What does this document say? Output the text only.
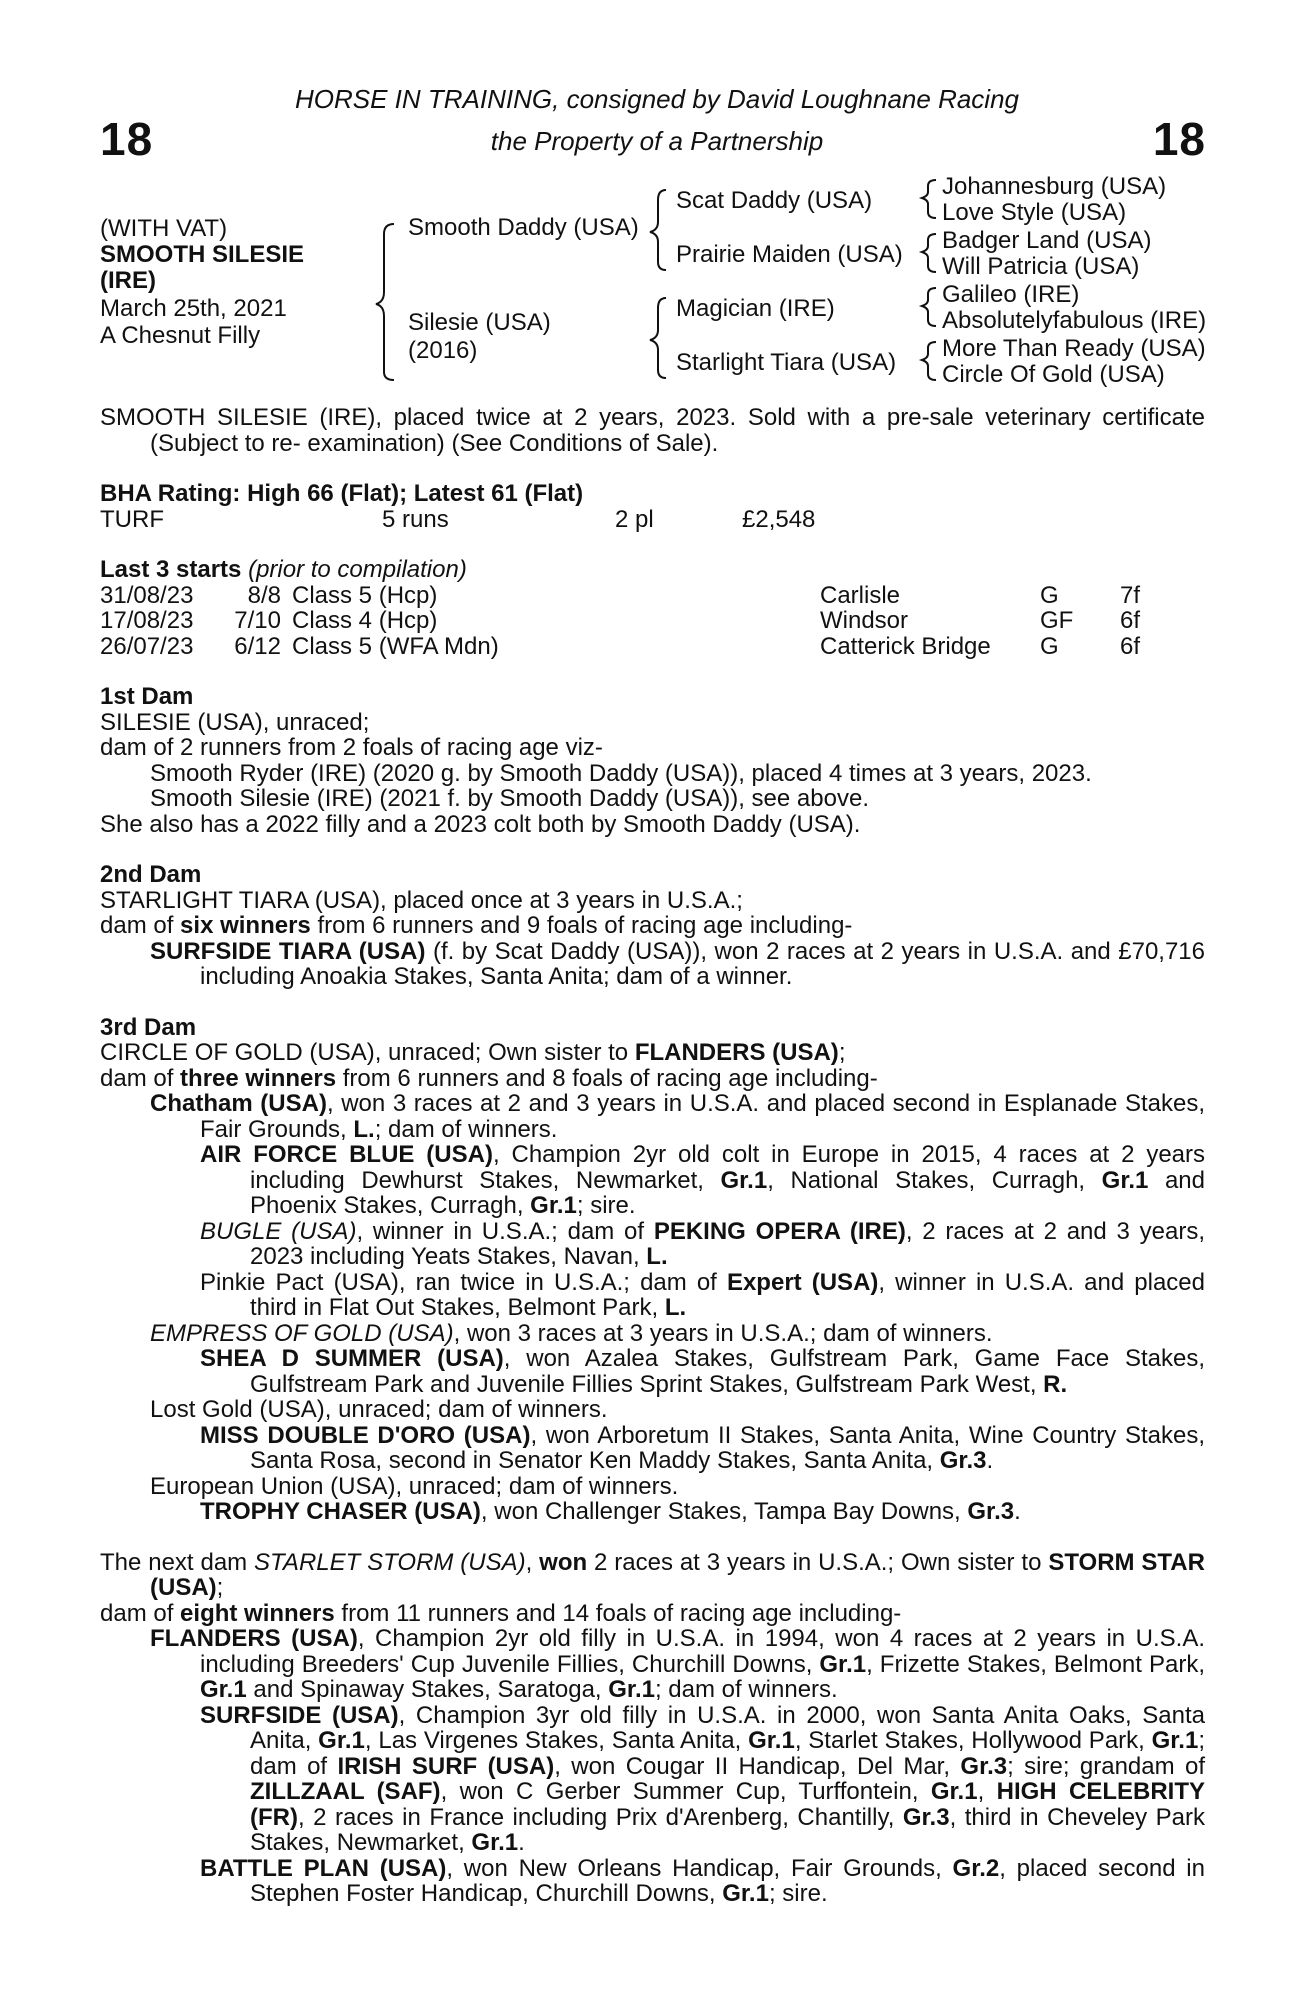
18	18
HORSE IN TRAINING, consigned by David Loughnane Racing
the Property of a Partnership
(WITH VAT)
SMOOTH SILESIE
(IRE)
March 25th, 2021
A Chesnut Filly
Smooth Daddy (USA)
Silesie (USA)
(2016)
Scat Daddy (USA)
Prairie Maiden (USA)
Magician (IRE)
Starlight Tiara (USA)
Johannesburg (USA)
Love Style (USA)
Badger Land (USA)
Will Patricia (USA)
Galileo (IRE)
Absolutelyfabulous (IRE)
More Than Ready (USA)
Circle Of Gold (USA)

SMOOTH SILESIE (IRE), placed twice at 2 years, 2023. Sold with a pre-sale veterinary certificate (Subject to re- examination) (See Conditions of Sale).

BHA Rating: High 66 (Flat); Latest 61 (Flat)

TURF	5 runs	2 pl	£2,548

Last 3 starts (prior to compilation)

31/08/23	8/8 Class 5 (Hcp)	Carlisle	G	7f
17/08/23	7/10 Class 4 (Hcp)	Windsor	GF 6f
26/07/23	6/12 Class 5 (WFA Mdn)	Catterick Bridge G	6f

1st Dam

SILESIE (USA), unraced;

dam of 2 runners from 2 foals of racing age viz-

Smooth Ryder (IRE) (2020 g. by Smooth Daddy (USA)), placed 4 times at 3 years, 2023.

Smooth Silesie (IRE) (2021 f. by Smooth Daddy (USA)), see above.

She also has a 2022 filly and a 2023 colt both by Smooth Daddy (USA).

2nd Dam

STARLIGHT TIARA (USA), placed once at 3 years in U.S.A.;

dam of six winners from 6 runners and 9 foals of racing age including-

SURFSIDE TIARA (USA) (f. by Scat Daddy (USA)), won 2 races at 2 years in U.S.A. and £70,716 including Anoakia Stakes, Santa Anita; dam of a winner.

3rd Dam

CIRCLE OF GOLD (USA), unraced; Own sister to FLANDERS (USA);

dam of three winners from 6 runners and 8 foals of racing age including-

Chatham (USA), won 3 races at 2 and 3 years in U.S.A. and placed second in Esplanade Stakes, Fair Grounds, L.; dam of winners.

AIR FORCE BLUE (USA), Champion 2yr old colt in Europe in 2015, 4 races at 2 years including Dewhurst Stakes, Newmarket, Gr.1, National Stakes, Curragh, Gr.1 and Phoenix Stakes, Curragh, Gr.1; sire.

BUGLE (USA), winner in U.S.A.; dam of PEKING OPERA (IRE), 2 races at 2 and 3 years, 2023 including Yeats Stakes, Navan, L.

Pinkie Pact (USA), ran twice in U.S.A.; dam of Expert (USA), winner in U.S.A. and placed third in Flat Out Stakes, Belmont Park, L.

EMPRESS OF GOLD (USA), won 3 races at 3 years in U.S.A.; dam of winners.

SHEA D SUMMER (USA), won Azalea Stakes, Gulfstream Park, Game Face Stakes, Gulfstream Park and Juvenile Fillies Sprint Stakes, Gulfstream Park West, R.

Lost Gold (USA), unraced; dam of winners.

MISS DOUBLE D'ORO (USA), won Arboretum II Stakes, Santa Anita, Wine Country Stakes, Santa Rosa, second in Senator Ken Maddy Stakes, Santa Anita, Gr.3.

European Union (USA), unraced; dam of winners.

TROPHY CHASER (USA), won Challenger Stakes, Tampa Bay Downs, Gr.3.

The next dam STARLET STORM (USA), won 2 races at 3 years in U.S.A.; Own sister to STORM STAR (USA);

dam of eight winners from 11 runners and 14 foals of racing age including-

FLANDERS (USA), Champion 2yr old filly in U.S.A. in 1994, won 4 races at 2 years in U.S.A. including Breeders' Cup Juvenile Fillies, Churchill Downs, Gr.1, Frizette Stakes, Belmont Park, Gr.1 and Spinaway Stakes, Saratoga, Gr.1; dam of winners.

SURFSIDE (USA), Champion 3yr old filly in U.S.A. in 2000, won Santa Anita Oaks, Santa Anita, Gr.1, Las Virgenes Stakes, Santa Anita, Gr.1, Starlet Stakes, Hollywood Park, Gr.1; dam of IRISH SURF (USA), won Cougar II Handicap, Del Mar, Gr.3; sire; grandam of ZILLZAAL (SAF), won C Gerber Summer Cup, Turffontein, Gr.1, HIGH CELEBRITY (FR), 2 races in France including Prix d'Arenberg, Chantilly, Gr.3, third in Cheveley Park Stakes, Newmarket, Gr.1.

BATTLE PLAN (USA), won New Orleans Handicap, Fair Grounds, Gr.2, placed second in Stephen Foster Handicap, Churchill Downs, Gr.1; sire.
